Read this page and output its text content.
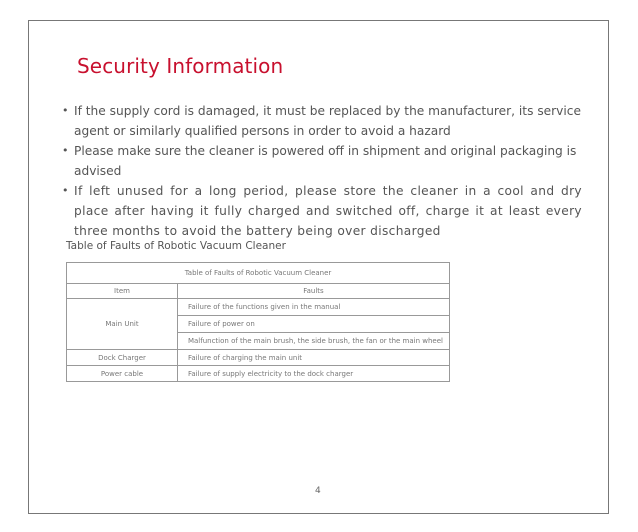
Security Information
• If the supply cord is damaged, it must be replaced by the manufacturer, its service agent or similarly qualified persons in order to avoid a hazard
• Please make sure the cleaner is powered off in shipment and original packaging is advised
• If left unused for a long period, please store the cleaner in a cool and dry place after having it fully charged and switched off, charge it at least every three months to avoid the battery being over discharged
Table of Faults of Robotic Vacuum Cleaner
Table of Faults of Robotic Vacuum Cleaner	
Item	Faults
Main Unit	Failure of the functions given in the manual
	Failure of power on
	Malfunction of the main brush, the side brush, the fan or the main wheel
Dock Charger	Failure of charging the main unit
Power cable	Failure of supply electricity to the dock charger
4
